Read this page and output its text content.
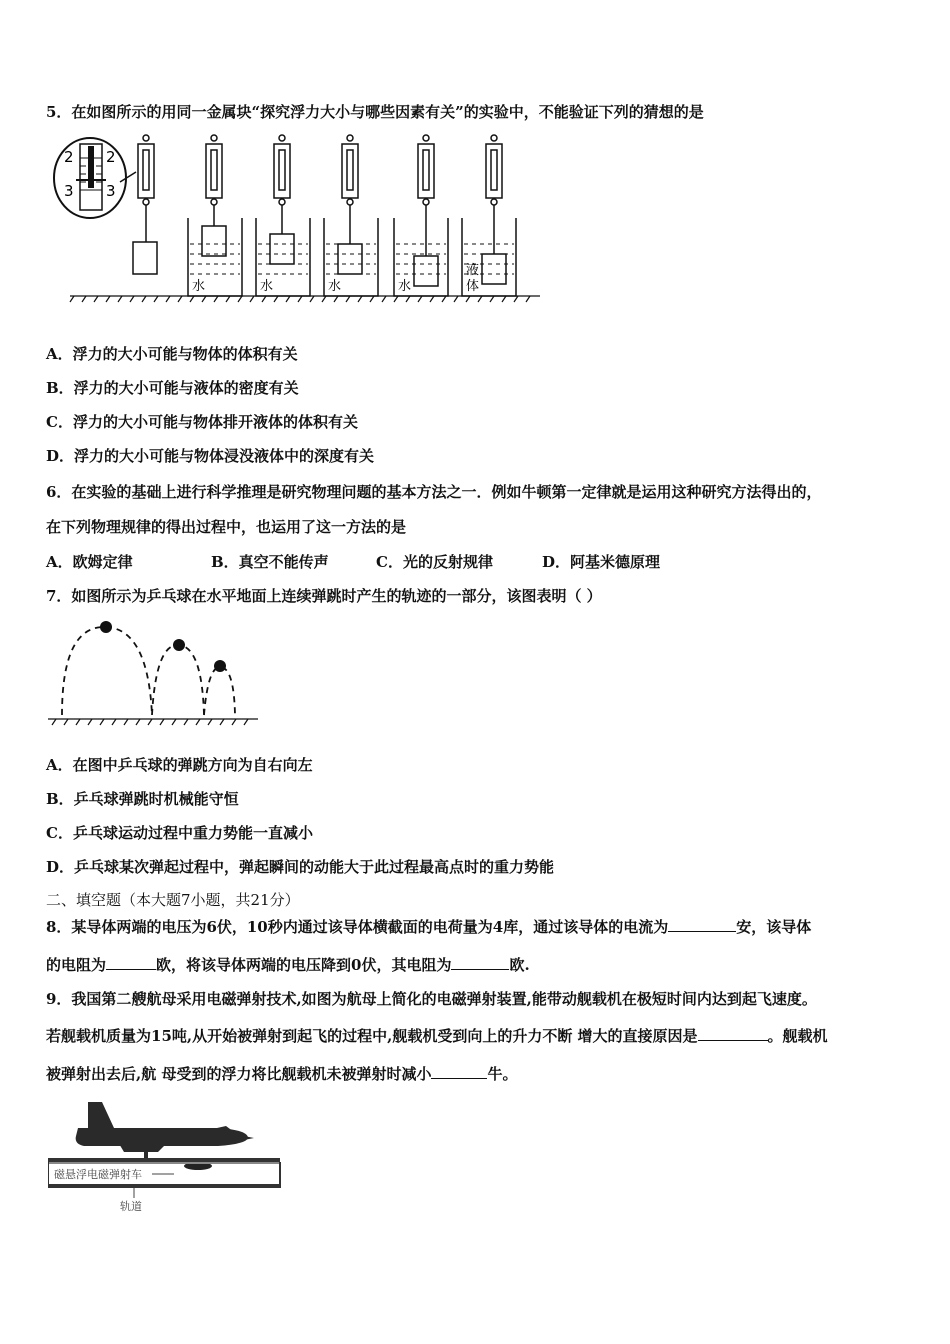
5．在如图所示的用同一金属块“探究浮力大小与哪些因素有关”的实验中，不能验证下列的猜想的是
2 2
3 3
水	水	水	水
液
体
A．浮力的大小可能与物体的体积有关
B．浮力的大小可能与液体的密度有关
C．浮力的大小可能与物体排开液体的体积有关
D．浮力的大小可能与物体浸没液体中的深度有关
6．在实验的基础上进行科学推理是研究物理问题的基本方法之一．例如牛顿第一定律就是运用这种研究方法得出的，
在下列物理规律的得出过程中，也运用了这一方法的是
A．欧姆定律	B．真空不能传声	C．光的反射规律	D．阿基米德原理
7．如图所示为乒乓球在水平地面上连续弹跳时产生的轨迹的一部分，该图表明（ ）
A．在图中乒乓球的弹跳方向为自右向左
B．乒乓球弹跳时机械能守恒
C．乒乓球运动过程中重力势能一直减小
D．乒乓球某次弹起过程中，弹起瞬间的动能大于此过程最高点时的重力势能
二、填空题（本大题7小题，共21分）
8．某导体两端的电压为6伏，10秒内通过该导体横截面的电荷量为4库，通过该导体的电流为	安，该导体
的电阻为	欧，将该导体两端的电压降到0伏，其电阻为	欧.
9．我国第二艘航母采用电磁弹射技术,如图为航母上简化的电磁弹射装置,能带动舰载机在极短时间内达到起飞速度。
若舰载机质量为15吨,从开始被弹射到起飞的过程中,舰载机受到向上的升力不断 增大的直接原因是	。舰载机
被弹射出去后,航 母受到的浮力将比舰载机未被弹射时减小	牛。
磁悬浮电磁弹射车
轨道
